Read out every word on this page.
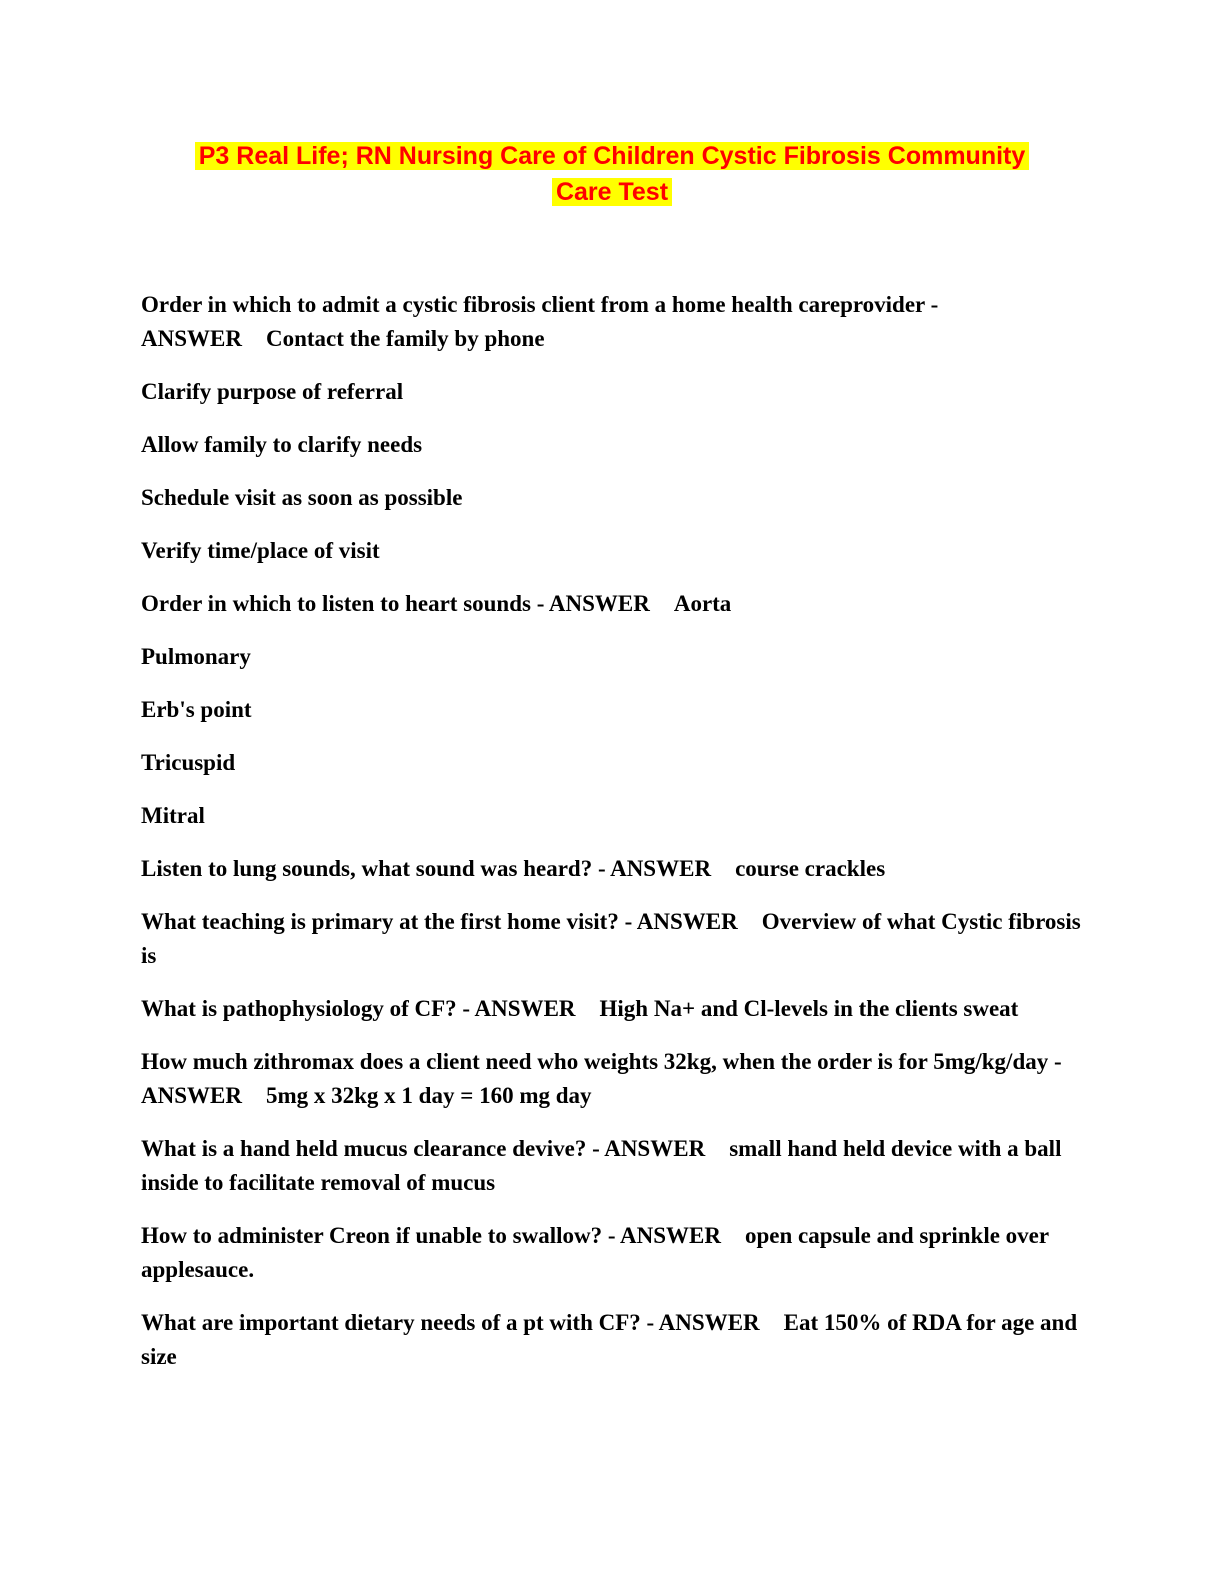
P3 Real Life; RN Nursing Care of Children Cystic Fibrosis Community
Care Test

Order in which to admit a cystic fibrosis client from a home health careprovider -
ANSWER Contact the family by phone

Clarify purpose of referral

Allow family to clarify needs

Schedule visit as soon as possible

Verify time/place of visit

Order in which to listen to heart sounds - ANSWER Aorta

Pulmonary

Erb's point

Tricuspid

Mitral

Listen to lung sounds, what sound was heard? - ANSWER course crackles

What teaching is primary at the first home visit? - ANSWER Overview of what Cystic fibrosis is

What is pathophysiology of CF? - ANSWER High Na+ and Cl-levels in the clients sweat

How much zithromax does a client need who weights 32kg, when the order is for 5mg/kg/day - ANSWER 5mg x 32kg x 1 day = 160 mg day

What is a hand held mucus clearance devive? - ANSWER small hand held device with a ball inside to facilitate removal of mucus

How to administer Creon if unable to swallow? - ANSWER open capsule and sprinkle over applesauce.

What are important dietary needs of a pt with CF? - ANSWER Eat 150% of RDA for age and size
